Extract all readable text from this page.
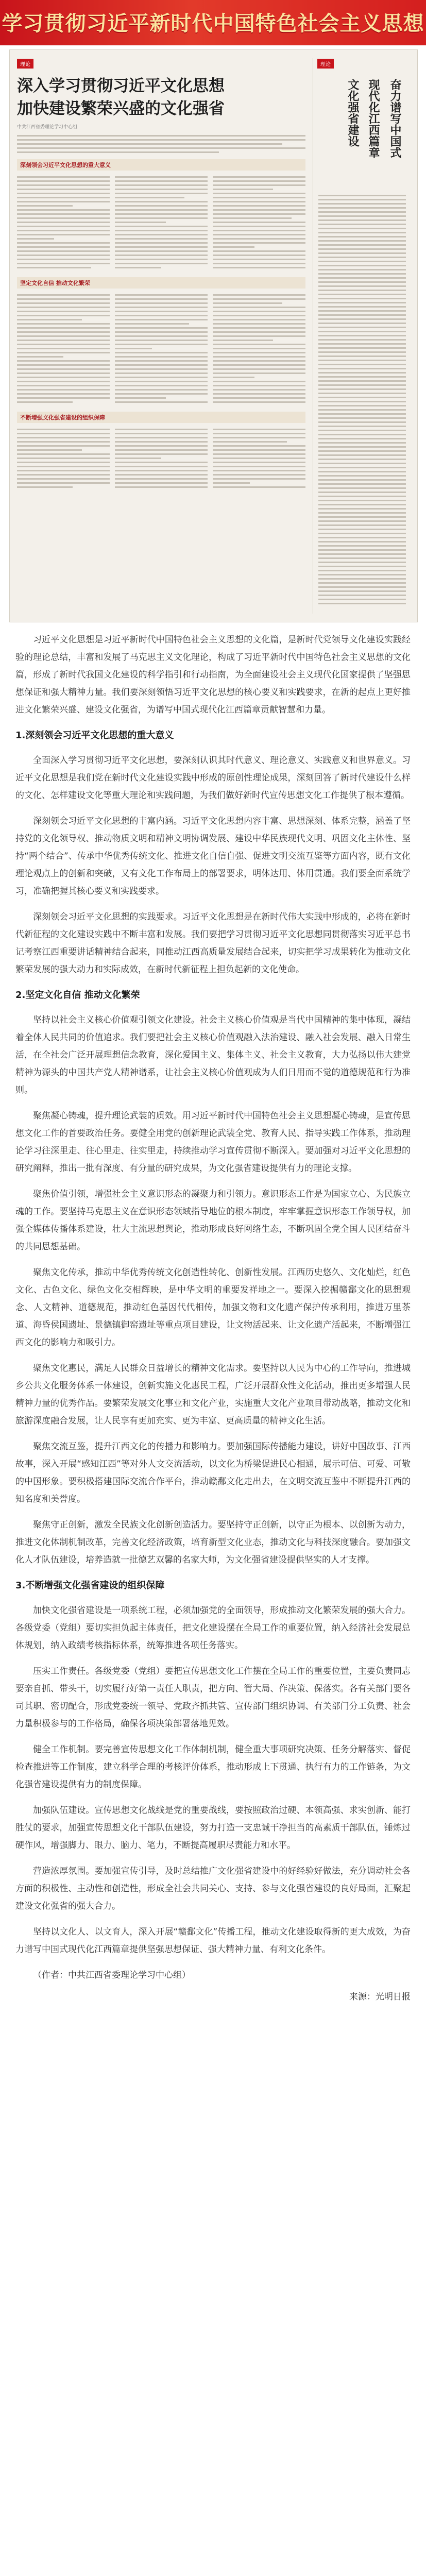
学习贯彻习近平新时代中国特色社会主义思想
理论
深入学习贯彻习近平文化思想
加快建设繁荣兴盛的文化强省
中共江西省委理论学习中心组
深刻领会习近平文化思想的重大意义
坚定文化自信 推动文化繁荣
不断增强文化强省建设的组织保障
理论
奋力谱写中国式
现代化江西篇章
文化强省建设

习近平文化思想是习近平新时代中国特色社会主义思想的文化篇，是新时代党领导文化建设实践经验的理论总结，丰富和发展了马克思主义文化理论，构成了习近平新时代中国特色社会主义思想的文化篇，形成了新时代我国文化建设的科学指引和行动指南，为全面建设社会主义现代化国家提供了坚强思想保证和强大精神力量。我们要深刻领悟习近平文化思想的核心要义和实践要求，在新的起点上更好推进文化繁荣兴盛、建设文化强省，为谱写中国式现代化江西篇章贡献智慧和力量。

1.深刻领会习近平文化思想的重大意义

全面深入学习贯彻习近平文化思想，要深刻认识其时代意义、理论意义、实践意义和世界意义。习近平文化思想是我们党在新时代文化建设实践中形成的原创性理论成果，深刻回答了新时代建设什么样的文化、怎样建设文化等重大理论和实践问题，为我们做好新时代宣传思想文化工作提供了根本遵循。

深刻领会习近平文化思想的丰富内涵。习近平文化思想内容丰富、思想深刻、体系完整，涵盖了坚持党的文化领导权、推动物质文明和精神文明协调发展、建设中华民族现代文明、巩固文化主体性、坚持“两个结合”、传承中华优秀传统文化、推进文化自信自强、促进文明交流互鉴等方面内容，既有文化理论观点上的创新和突破，又有文化工作布局上的部署要求，明体达用、体用贯通。我们要全面系统学习，准确把握其核心要义和实践要求。

深刻领会习近平文化思想的实践要求。习近平文化思想是在新时代伟大实践中形成的，必将在新时代新征程的文化建设实践中不断丰富和发展。我们要把学习贯彻习近平文化思想同贯彻落实习近平总书记考察江西重要讲话精神结合起来，同推动江西高质量发展结合起来，切实把学习成果转化为推动文化繁荣发展的强大动力和实际成效，在新时代新征程上担负起新的文化使命。

2.坚定文化自信 推动文化繁荣

坚持以社会主义核心价值观引领文化建设。社会主义核心价值观是当代中国精神的集中体现，凝结着全体人民共同的价值追求。我们要把社会主义核心价值观融入法治建设、融入社会发展、融入日常生活，在全社会广泛开展理想信念教育，深化爱国主义、集体主义、社会主义教育，大力弘扬以伟大建党精神为源头的中国共产党人精神谱系，让社会主义核心价值观成为人们日用而不觉的道德规范和行为准则。

聚焦凝心铸魂，提升理论武装的质效。用习近平新时代中国特色社会主义思想凝心铸魂，是宣传思想文化工作的首要政治任务。要健全用党的创新理论武装全党、教育人民、指导实践工作体系，推动理论学习往深里走、往心里走、往实里走，持续推动学习宣传贯彻不断深入。要加强对习近平文化思想的研究阐释，推出一批有深度、有分量的研究成果，为文化强省建设提供有力的理论支撑。

聚焦价值引领，增强社会主义意识形态的凝聚力和引领力。意识形态工作是为国家立心、为民族立魂的工作。要坚持马克思主义在意识形态领域指导地位的根本制度，牢牢掌握意识形态工作领导权，加强全媒体传播体系建设，壮大主流思想舆论，推动形成良好网络生态，不断巩固全党全国人民团结奋斗的共同思想基础。

聚焦文化传承，推动中华优秀传统文化创造性转化、创新性发展。江西历史悠久、文化灿烂，红色文化、古色文化、绿色文化交相辉映，是中华文明的重要发祥地之一。要深入挖掘赣鄱文化的思想观念、人文精神、道德规范，推动红色基因代代相传，加强文物和文化遗产保护传承利用，推进万里茶道、海昏侯国遗址、景德镇御窑遗址等重点项目建设，让文物活起来、让文化遗产活起来，不断增强江西文化的影响力和吸引力。

聚焦文化惠民，满足人民群众日益增长的精神文化需求。要坚持以人民为中心的工作导向，推进城乡公共文化服务体系一体建设，创新实施文化惠民工程，广泛开展群众性文化活动，推出更多增强人民精神力量的优秀作品。要繁荣发展文化事业和文化产业，实施重大文化产业项目带动战略，推动文化和旅游深度融合发展，让人民享有更加充实、更为丰富、更高质量的精神文化生活。

聚焦交流互鉴，提升江西文化的传播力和影响力。要加强国际传播能力建设，讲好中国故事、江西故事，深入开展“感知江西”等对外人文交流活动，以文化为桥梁促进民心相通，展示可信、可爱、可敬的中国形象。要积极搭建国际交流合作平台，推动赣鄱文化走出去，在文明交流互鉴中不断提升江西的知名度和美誉度。

聚焦守正创新，激发全民族文化创新创造活力。要坚持守正创新，以守正为根本、以创新为动力，推进文化体制机制改革，完善文化经济政策，培育新型文化业态，推动文化与科技深度融合。要加强文化人才队伍建设，培养造就一批德艺双馨的名家大师，为文化强省建设提供坚实的人才支撑。

3.不断增强文化强省建设的组织保障

加快文化强省建设是一项系统工程，必须加强党的全面领导，形成推动文化繁荣发展的强大合力。各级党委（党组）要切实担负起主体责任，把文化建设摆在全局工作的重要位置，纳入经济社会发展总体规划，纳入政绩考核指标体系，统筹推进各项任务落实。

压实工作责任。各级党委（党组）要把宣传思想文化工作摆在全局工作的重要位置，主要负责同志要亲自抓、带头干，切实履行好第一责任人职责，把方向、管大局、作决策、保落实。各有关部门要各司其职、密切配合，形成党委统一领导、党政齐抓共管、宣传部门组织协调、有关部门分工负责、社会力量积极参与的工作格局，确保各项决策部署落地见效。

健全工作机制。要完善宣传思想文化工作体制机制，健全重大事项研究决策、任务分解落实、督促检查推进等工作制度，建立科学合理的考核评价体系，推动形成上下贯通、执行有力的工作链条，为文化强省建设提供有力的制度保障。

加强队伍建设。宣传思想文化战线是党的重要战线，要按照政治过硬、本领高强、求实创新、能打胜仗的要求，加强宣传思想文化干部队伍建设，努力打造一支忠诚干净担当的高素质干部队伍，锤炼过硬作风，增强脚力、眼力、脑力、笔力，不断提高履职尽责能力和水平。

营造浓厚氛围。要加强宣传引导，及时总结推广文化强省建设中的好经验好做法，充分调动社会各方面的积极性、主动性和创造性，形成全社会共同关心、支持、参与文化强省建设的良好局面，汇聚起建设文化强省的强大合力。

坚持以文化人、以文育人，深入开展“赣鄱文化”传播工程，推动文化建设取得新的更大成效，为奋力谱写中国式现代化江西篇章提供坚强思想保证、强大精神力量、有利文化条件。

（作者：中共江西省委理论学习中心组）

来源：光明日报
